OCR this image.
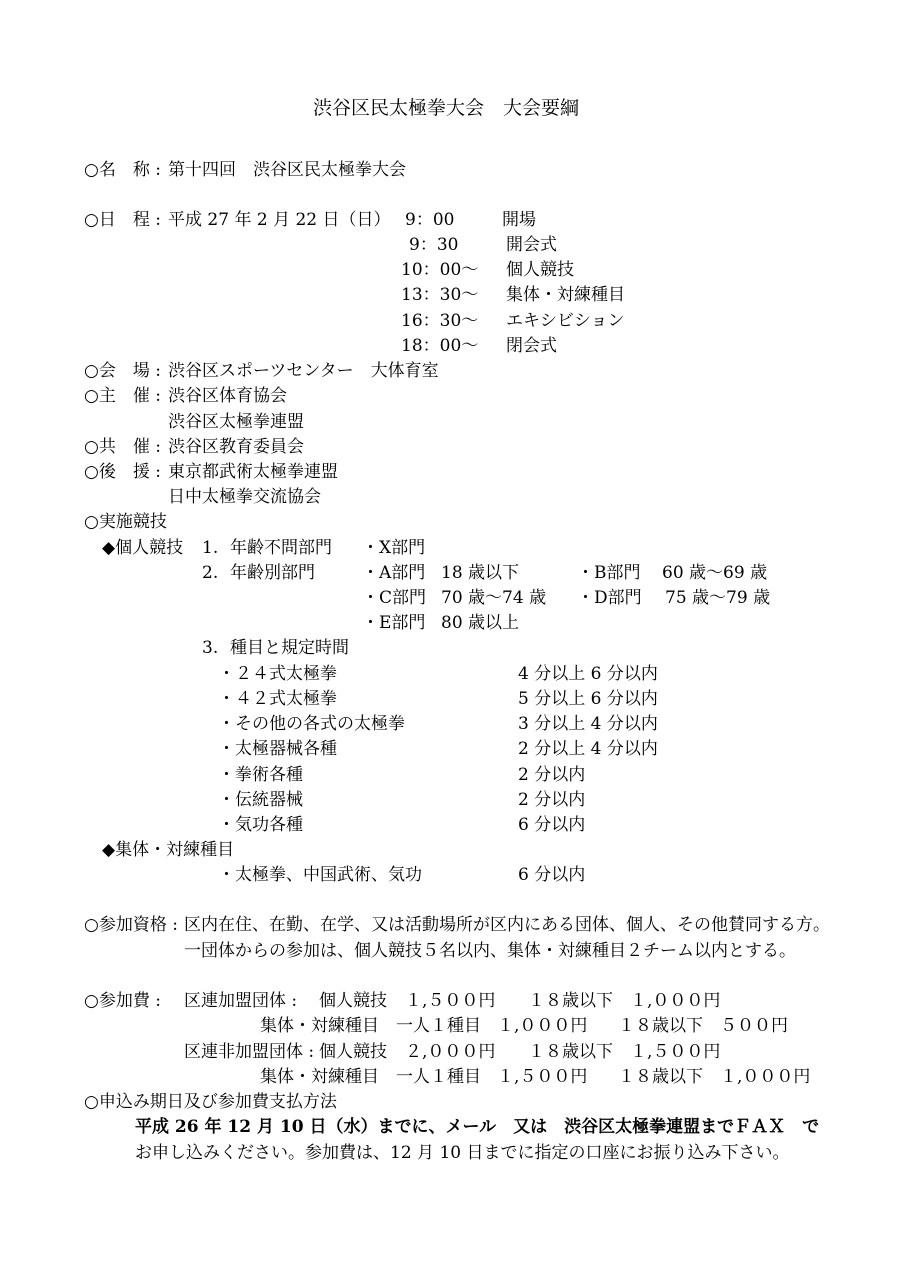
渋谷区民太極拳大会　大会要綱
○名　称 : 第十四回　渋谷区民太極拳大会
○日　程 : 平成 27 年 2 月 22 日（日） 9：00	開場
9：30	開会式
10：00～ 個人競技
13：30～ 集体・対練種目
16：30～ エキシビション
18：00～ 閉会式
○会　場 : 渋谷区スポーツセンター　大体育室
○主　催 : 渋谷区体育協会
渋谷区太極拳連盟
○共　催 : 渋谷区教育委員会
○後　援 : 東京都武術太極拳連盟
日中太極拳交流協会
○実施競技
◆個人競技 1. 年齢不問部門 ・X部門
2. 年齢別部門	・A部門 18 歳以下	・B部門 60 歳～69 歳
・C部門 70 歳～74 歳 ・D部門 75 歳～79 歳
・E部門 80 歳以上
3. 種目と規定時間
・２４式太極拳	4 分以上 6 分以内
・４２式太極拳	5 分以上 6 分以内
・その他の各式の太極拳	3 分以上 4 分以内
・太極器械各種	2 分以上 4 分以内
・拳術各種	2 分以内
・伝統器械	2 分以内
・気功各種	6 分以内
◆集体・対練種目
・太極拳、中国武術、気功	6 分以内
○参加資格 : 区内在住、在勤、在学、又は活動場所が区内にある団体、個人、その他賛同する方。
一団体からの参加は、個人競技５名以内、集体・対練種目２チーム以内とする。
○参加費 : 区連加盟団体 : 個人競技 １,５００円 １８歳以下　１,０００円
集体・対練種目　一人１種目 １,０００円 １８歳以下　５００円
区連非加盟団体 : 個人競技 ２,０００円 １８歳以下　１,５００円
集体・対練種目　一人１種目 １,５００円 １８歳以下　１,０００円
○申込み期日及び参加費支払方法
平成 26 年 12 月 10 日（水）までに、メール　又は　渋谷区太極拳連盟までＦＡＸ　で
お申し込みください。参加費は、12 月 10 日までに指定の口座にお振り込み下さい。
